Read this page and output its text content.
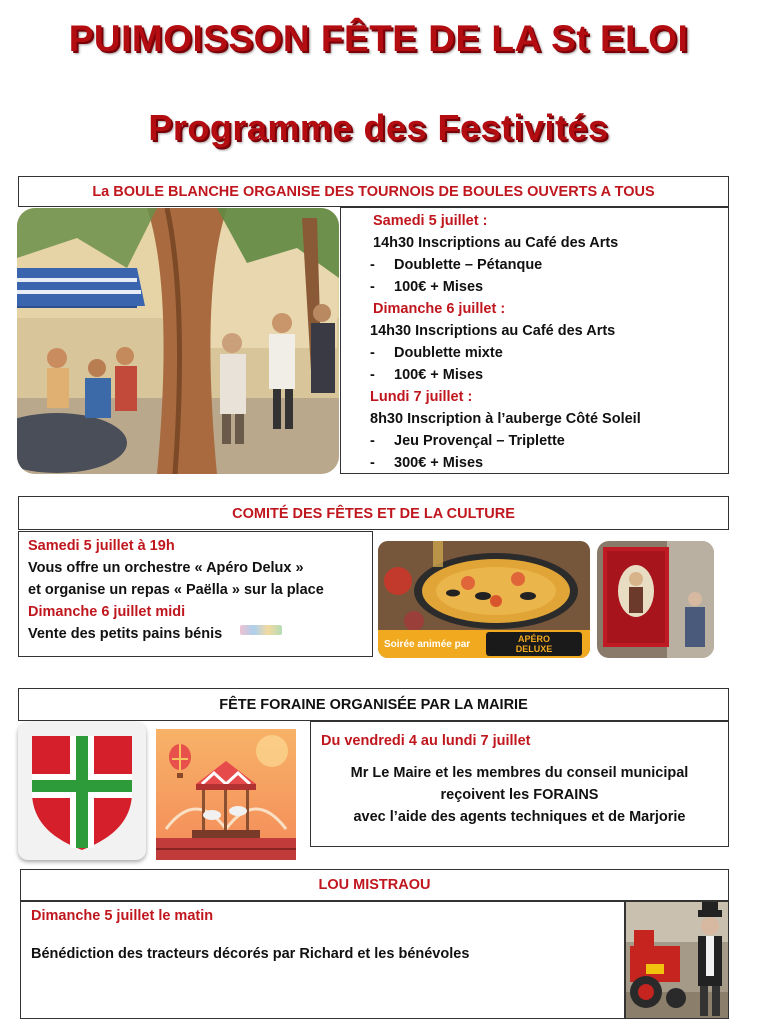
PUIMOISSON FÊTE DE LA St ELOI
Programme des Festivités
La BOULE BLANCHE ORGANISE DES TOURNOIS DE BOULES OUVERTS A TOUS
Samedi 5 juillet :
14h30 Inscriptions au Café des Arts
- Doublette – Pétanque
- 100€ + Mises
Dimanche 6 juillet :
14h30 Inscriptions au Café des Arts
- Doublette mixte
- 100€ + Mises
Lundi 7 juillet :
8h30 Inscription à l’auberge Côté Soleil
- Jeu Provençal – Triplette
- 300€ + Mises
COMITÉ DES FÊTES ET DE LA CULTURE
Samedi 5 juillet à 19h
Vous offre un orchestre « Apéro Delux »
et organise un repas « Paëlla » sur la place
Dimanche 6 juillet midi
Vente des petits pains bénis
Soirée animée par	APÉRO
DELUXE
FÊTE FORAINE ORGANISÉE PAR LA MAIRIE
Du vendredi 4 au lundi 7 juillet
Mr Le Maire et les membres du conseil municipal
reçoivent les FORAINS
avec l’aide des agents techniques et de Marjorie
LOU MISTRAOU
Dimanche 5 juillet le matin
Bénédiction des tracteurs décorés par Richard et les bénévoles
